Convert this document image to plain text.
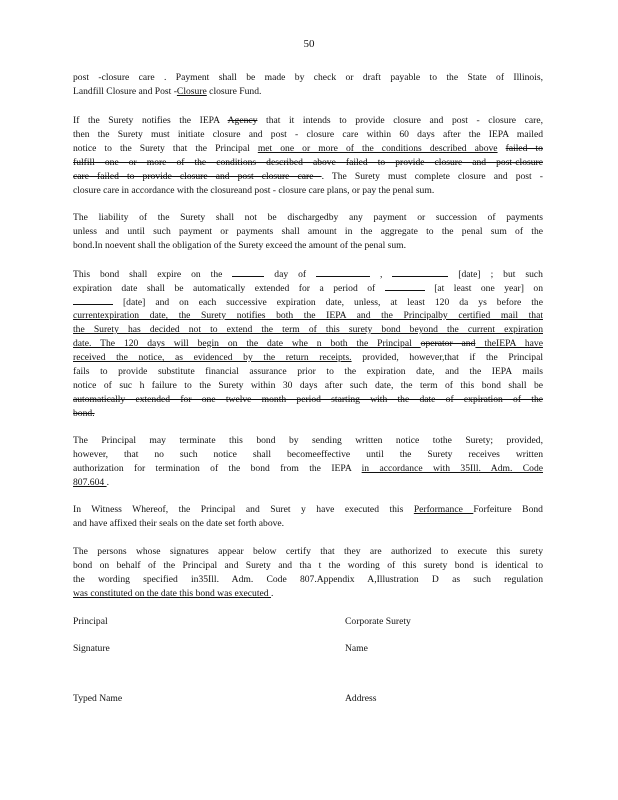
50
post -closure care . Payment shall be made by check or draft payable to the State of Illinois,
Landfill Closure and Post -Closure closure Fund.
If the Surety notifies the IEPA Agency that it intends to provide closure and post - closure care,
then the Surety must initiate closure and post - closure care within 60 days after the IEPA mailed
notice to the Surety that the Principal met one or more of the conditions described above failed to
fulfill one or more of the conditions described above failed to provide closure and post-closure
care failed to provide closure and post closure care . The Surety must complete closure and post -
closure care in accordance with the closureand post - closure care plans, or pay the penal sum.
The liability of the Surety shall not be dischargedby any payment or succession of payments
unless and until such payment or payments shall amount in the aggregate to the penal sum of the
bond.In noevent shall the obligation of the Surety exceed the amount of the penal sum.
This bond shall expire on the	day of	,	[date] ; but such
expiration date shall be automatically extended for a period of	[at least one year] on
[date] and on each successive expiration date, unless, at least 120 da ys before the
currentexpiration date, the Surety notifies both the IEPA and the Principalby certified mail that
the Surety has decided not to extend the term of this surety bond beyond the current expiration
date. The 120 days will begin on the date whe n both the Principal operator and theIEPA have
received the notice, as evidenced by the return receipts. provided, however,that if the Principal
fails to provide substitute financial assurance prior to the expiration date, and the IEPA mails
notice of suc h failure to the Surety within 30 days after such date, the term of this bond shall be
automatically extended for one twelve month period starting with the date of expiration of the
bond.
The Principal may terminate this bond by sending written notice tothe Surety; provided,
however, that no such notice shall becomeeffective until the Surety receives written
authorization for termination of the bond from the IEPA in accordance with 35Ill. Adm. Code
807.604 .
In Witness Whereof, the Principal and Suret y have executed this Performance Forfeiture Bond
and have affixed their seals on the date set forth above.
The persons whose signatures appear below certify that they are authorized to execute this surety
bond on behalf of the Principal and Surety and tha t the wording of this surety bond is identical to
the wording specified in35Ill. Adm. Code 807.Appendix A,Illustration D as such regulation
was constituted on the date this bond was executed .
Principal	Corporate Surety
Signature	Name
Typed Name	Address
